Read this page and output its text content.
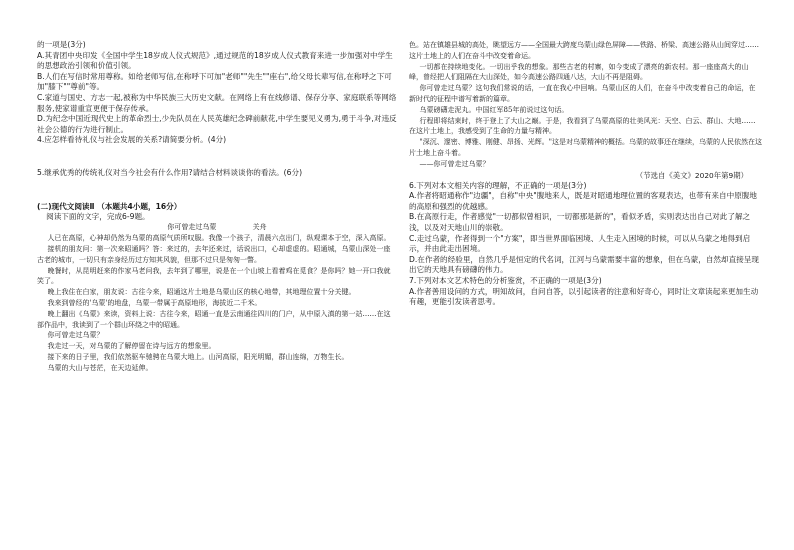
的一项是(3分)

A.其青团中央印发《全国中学生18岁成人仪式规范》,通过规范的18岁成人仪式教育来进一步加强对中学生的思想政治引领和价值引领。

B.人们在写信时常用尊称。如给老师写信,在称呼下可加"老师""先生""座右",给父母长辈写信,在称呼之下可加"膝下""尊前"等。

C.家道与国史、方志一起,被称为中华民族三大历史文献。在网络上有在线修谱、保存分享、家庭联系等网络服务,使家谱重宣更便于保存传承。

D.为纪念中国近现代史上的革命烈士,少先队员在人民英雄纪念碑前献花,中学生要见义勇为,勇于斗争,对违反社会公德的行为进行制止。

4.应怎样看待礼仪与社会发展的关系?请简要分析。(4分)

5.继承优秀的传统礼仪对当今社会有什么作用?请结合材料谈谈你的看法。(6分)

(二)现代文阅读Ⅱ （本题共4小题，16分）

阅读下面的文字，完成6-9题。

你可曾走过乌蒙	关舟

人已在高原，心神却仍然为乌蒙的高原气质所叹服。我像一个孩子，清晨六点出门，纵观课本于空，深入高原。

接机的朋友问：第一次来昭通吗？答：来过的，去年还来过，话说出口，心却虚虚的。昭通城，乌蒙山深处一座古老的城市，一切只有亲身经历过方知其风貌，但那不过只是匆匆一瞥。

晚餐时，从昆明赶来的作家马老问我，去年到了哪里，说是在一个山坡上看着鸡在觅食？是你吗？她一开口我就笑了。

晚上我住在白家，朋友说：古往今来，昭通这片土地是乌蒙山区的核心地带，其地理位置十分关键。

我来到曾经的'乌蒙'的地盘，乌蒙一带属于高原地形，海拔近二千米。

晚上翻出《乌蒙》来读，资料上说：古往今来，昭通一直是云南通往四川的门户，从中原入滇的第一站……在这部作品中，我读到了一个群山环绕之中的昭通。

你可曾走过乌蒙？

我走过一天，对乌蒙的了解停留在诗与远方的想象里。

接下来的日子里，我们依然驱车驰骋在乌蒙大地上。山河高原，阳光明媚，群山连绵，万物生长。

乌蒙的大山与苍茫，在天边延伸。

色。站在镇雄县城的高处，眺望远方——全国最大跨度乌蒙山绿色屏障——铁路、桥梁、高速公路从山间穿过……这片土地上的人们在奋斗中改变着命运。

一切都在持续地变化。一切出乎我的想象。那些古老的村寨，如今变成了漂亮的新农村。那一座座高大的山峰，曾经把人们阻隔在大山深处，如今高速公路四通八达，大山不再是阻碍。

你可曾走过乌蒙？这句我们常说的话，一直在我心中回响。乌蒙山区的人们，在奋斗中改变着自己的命运，在新时代的征程中谱写着新的篇章。

乌蒙磅礴走泥丸。中国红军85年前说过这句话。

行程即将结束时，终于登上了大山之巅。于是，我看到了乌蒙高原的壮美风光：天空、白云、群山、大地……在这片土地上，我感受到了生命的力量与精神。

"深沉、邃密、博雅、刚健、昂扬、光辉。"这是对乌蒙精神的概括。乌蒙的故事还在继续，乌蒙的人民依然在这片土地上奋斗着。

——你可曾走过乌蒙？

（节选自《美文》2020年第9期）

6.下列对本文相关内容的理解，不正确的一项是(3分)

A.作者将昭通称作"边疆"，自称"中央"腹地来人，既是对昭通地理位置的客观表达，也带有来自中原腹地的高原和强烈的优越感。

B.在高原行走，作者感觉"一切都似曾相识，一切都那是新的"，看似矛盾，实则表达出自己对此了解之浅，以及对天地山川的崇敬。

C.走过乌蒙，作者得到一个"方案"，即当世界面临困境、人生走入困境的时候，可以从乌蒙之地得到启示，并由此走出困境。

D.在作者的经验里，自然几乎是恒定的代名词，江河与乌蒙需要丰富的想象，但在乌蒙，自然却直接呈现出它的天地具有磅礴的伟力。

7.下列对本文艺术特色的分析鉴赏，不正确的一项是(3分)

A.作者善用设问的方式，明知故问，自问自答，以引起读者的注意和好奇心，同时让文章读起来更加生动有趣，更能引发读者思考。
